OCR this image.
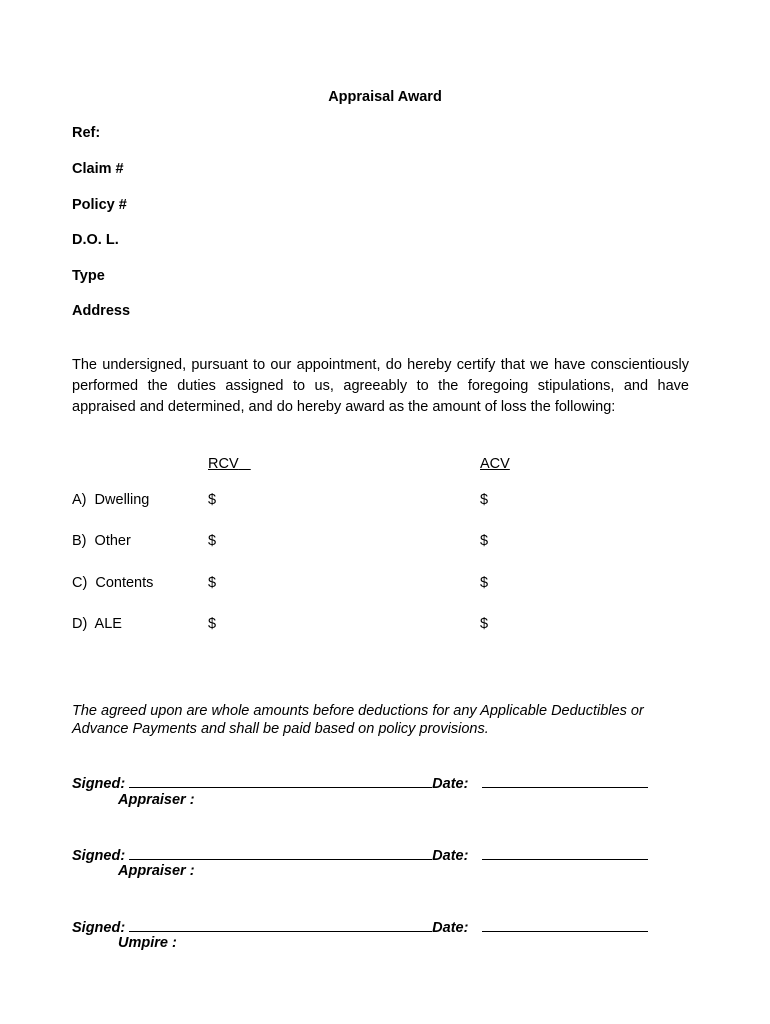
Appraisal Award
Ref:
Claim #
Policy #
D.O. L.
Type
Address
The undersigned, pursuant to our appointment, do hereby certify that we have conscientiously performed the duties assigned to us, agreeably to the foregoing stipulations, and have appraised and determined, and do hereby award as the amount of loss the following:
RCV	ACV
A)  Dwelling	$	$
B)  Other	$	$
C)  Contents	$	$
D)  ALE	$	$
The agreed upon are whole amounts before deductions for any Applicable Deductibles or Advance Payments and shall be paid based on policy provisions.
Signed:	Date:
Appraiser :
Signed:	Date:
Appraiser :
Signed:	Date:
Umpire :
